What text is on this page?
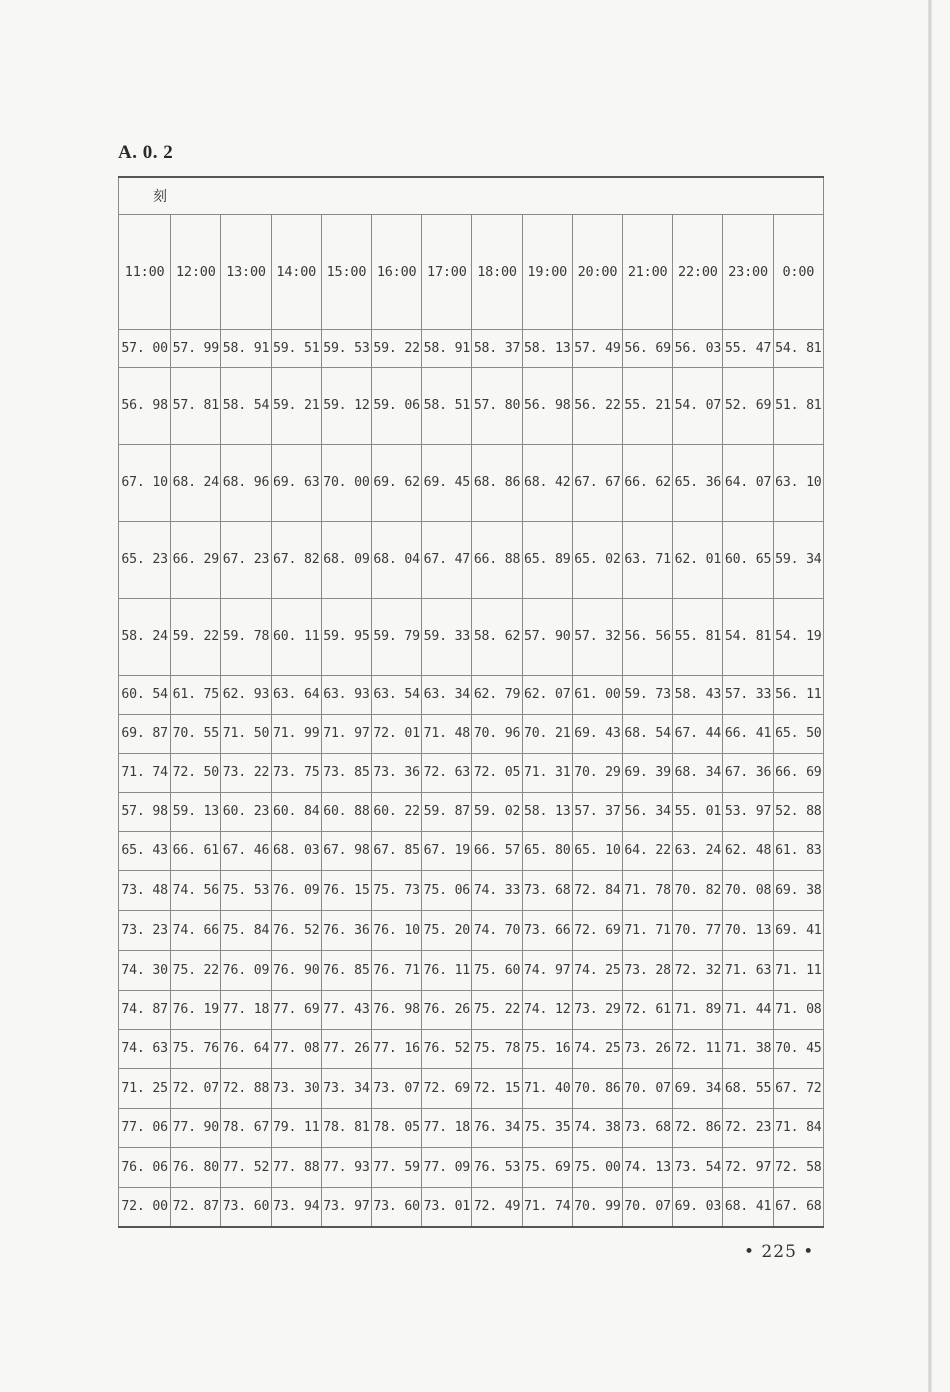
A. 0. 2
刻													
11:00	12:00	13:00	14:00	15:00	16:00	17:00	18:00	19:00	20:00	21:00	22:00	23:00	0:00
57. 00	57. 99	58. 91	59. 51	59. 53	59. 22	58. 91	58. 37	58. 13	57. 49	56. 69	56. 03	55. 47	54. 81
56. 98	57. 81	58. 54	59. 21	59. 12	59. 06	58. 51	57. 80	56. 98	56. 22	55. 21	54. 07	52. 69	51. 81
67. 10	68. 24	68. 96	69. 63	70. 00	69. 62	69. 45	68. 86	68. 42	67. 67	66. 62	65. 36	64. 07	63. 10
65. 23	66. 29	67. 23	67. 82	68. 09	68. 04	67. 47	66. 88	65. 89	65. 02	63. 71	62. 01	60. 65	59. 34
58. 24	59. 22	59. 78	60. 11	59. 95	59. 79	59. 33	58. 62	57. 90	57. 32	56. 56	55. 81	54. 81	54. 19
60. 54	61. 75	62. 93	63. 64	63. 93	63. 54	63. 34	62. 79	62. 07	61. 00	59. 73	58. 43	57. 33	56. 11
69. 87	70. 55	71. 50	71. 99	71. 97	72. 01	71. 48	70. 96	70. 21	69. 43	68. 54	67. 44	66. 41	65. 50
71. 74	72. 50	73. 22	73. 75	73. 85	73. 36	72. 63	72. 05	71. 31	70. 29	69. 39	68. 34	67. 36	66. 69
57. 98	59. 13	60. 23	60. 84	60. 88	60. 22	59. 87	59. 02	58. 13	57. 37	56. 34	55. 01	53. 97	52. 88
65. 43	66. 61	67. 46	68. 03	67. 98	67. 85	67. 19	66. 57	65. 80	65. 10	64. 22	63. 24	62. 48	61. 83
73. 48	74. 56	75. 53	76. 09	76. 15	75. 73	75. 06	74. 33	73. 68	72. 84	71. 78	70. 82	70. 08	69. 38
73. 23	74. 66	75. 84	76. 52	76. 36	76. 10	75. 20	74. 70	73. 66	72. 69	71. 71	70. 77	70. 13	69. 41
74. 30	75. 22	76. 09	76. 90	76. 85	76. 71	76. 11	75. 60	74. 97	74. 25	73. 28	72. 32	71. 63	71. 11
74. 87	76. 19	77. 18	77. 69	77. 43	76. 98	76. 26	75. 22	74. 12	73. 29	72. 61	71. 89	71. 44	71. 08
74. 63	75. 76	76. 64	77. 08	77. 26	77. 16	76. 52	75. 78	75. 16	74. 25	73. 26	72. 11	71. 38	70. 45
71. 25	72. 07	72. 88	73. 30	73. 34	73. 07	72. 69	72. 15	71. 40	70. 86	70. 07	69. 34	68. 55	67. 72
77. 06	77. 90	78. 67	79. 11	78. 81	78. 05	77. 18	76. 34	75. 35	74. 38	73. 68	72. 86	72. 23	71. 84
76. 06	76. 80	77. 52	77. 88	77. 93	77. 59	77. 09	76. 53	75. 69	75. 00	74. 13	73. 54	72. 97	72. 58
72. 00	72. 87	73. 60	73. 94	73. 97	73. 60	73. 01	72. 49	71. 74	70. 99	70. 07	69. 03	68. 41	67. 68
• 225 •
